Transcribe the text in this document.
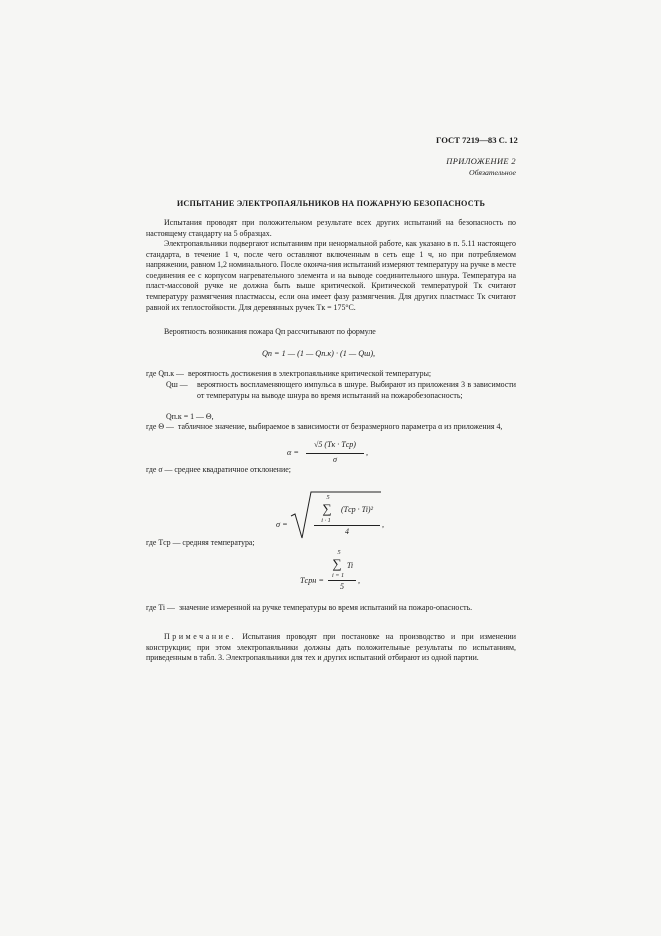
ГОСТ 7219—83 С. 12
ПРИЛОЖЕНИЕ 2
Обязательное
ИСПЫТАНИЕ ЭЛЕКТРОПАЯЛЬНИКОВ НА ПОЖАРНУЮ БЕЗОПАСНОСТЬ
Испытания проводят при положительном результате всех других испытаний на безопасность по настоящему стандарту на 5 образцах.
Электропаяльники подвергают испытаниям при ненормальной работе, как указано в п. 5.11 настоящего стандарта, в течение 1 ч, после чего оставляют включенным в сеть еще 1 ч, но при потребляемом напряжении, равном 1,2 номинального. После оконча-ния испытаний измеряют температуру на ручке в месте соединения ее с корпусом нагревательного элемента и на выводе соединительного шнура. Температура на пласт-массовой ручке не должна быть выше критической. Критической температурой Tк считают температуру размягчения пластмассы, если она имеет фазу размягчения. Для других пластмасс Tк считают равной их теплостойкости. Для деревянных ручек Tк = 175°С.
Вероятность возникания пожара Qп рассчитывают по формуле
Qп = 1 — (1 — Qп.к) · (1 — Qш),
где Qп.к — вероятность достижения в электропаяльнике критической температуры;
Qш —	вероятность воспламеняющего импульса в шнуре. Выбирают из приложения 3 в зависимости от температуры на выводе шнура во время испытаний на пожаробезопасность;
Qп.к = 1 — Θ,
где Θ — табличное значение, выбираемое в зависимости от безразмерного параметра α из приложения 4,
α =
√5 (Tк · Tср)
σ
,
где σ — среднее квадратичное отклонение;
σ =
5
∑	(Tср · Ti)²
i · 1
4
,
где Tср — средняя температура;
Tсрн =
5
∑ Ti
i = 1
5
,
где Ti — значение измеренной на ручке температуры во время испытаний на пожаро-опасность.
Примечание. Испытания проводят при постановке на производство и при изменении конструкции; при этом электропаяльники должны дать положительные результаты по испытаниям, приведенным в табл. 3. Электропаяльники для тех и других испытаний отбирают из одной партии.
